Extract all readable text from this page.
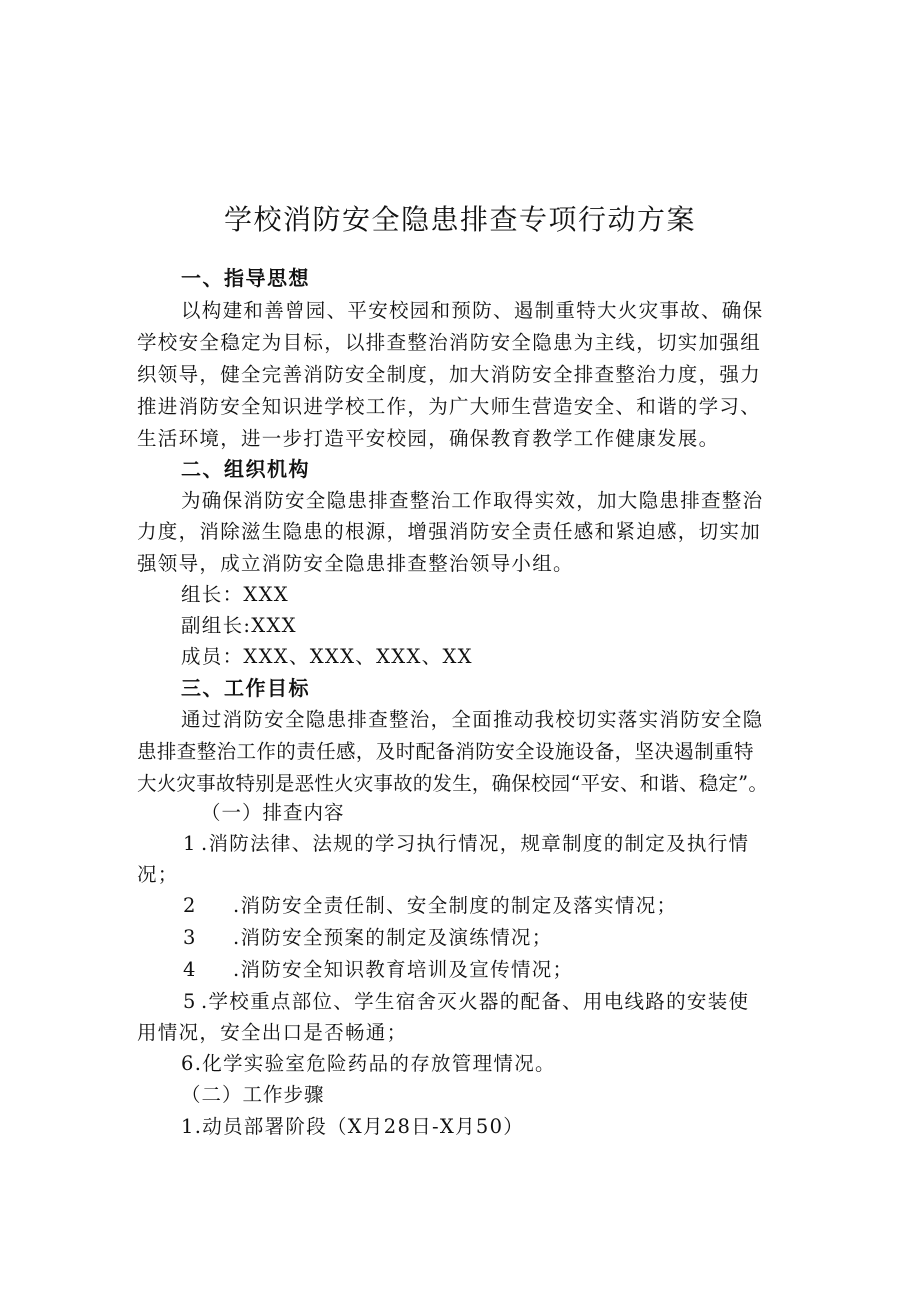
学校消防安全隐患排查专项行动方案
一、指导思想
以构建和善曾园、平安校园和预防、遏制重特大火灾事故、确保
学校安全稳定为目标，以排查整治消防安全隐患为主线，切实加强组
织领导，健全完善消防安全制度，加大消防安全排查整治力度，强力
推进消防安全知识进学校工作，为广大师生营造安全、和谐的学习、
生活环境，进一步打造平安校园，确保教育教学工作健康发展。
二、组织机构
为确保消防安全隐患排查整治工作取得实效，加大隐患排查整治
力度，消除滋生隐患的根源，增强消防安全责任感和紧迫感，切实加
强领导，成立消防安全隐患排查整治领导小组。
组长：XXX
副组长:XXX
成员：XXX、XXX、XXX、XX
三、工作目标
通过消防安全隐患排查整治，全面推动我校切实落实消防安全隐
患排查整治工作的责任感，及时配备消防安全设施设备，坚决遏制重特
大火灾事故特别是恶性火灾事故的发生，确保校园“平安、和谐、稳定”。
（一）排查内容
1 .消防法律、法规的学习执行情况，规章制度的制定及执行情
况；
2 .消防安全责任制、安全制度的制定及落实情况；
3 .消防安全预案的制定及演练情况；
4 .消防安全知识教育培训及宣传情况；
5 .学校重点部位、学生宿舍灭火器的配备、用电线路的安装使
用情况，安全出口是否畅通；
6.化学实验室危险药品的存放管理情况。
（二）工作步骤
1.动员部署阶段（X月28日-X月50）
